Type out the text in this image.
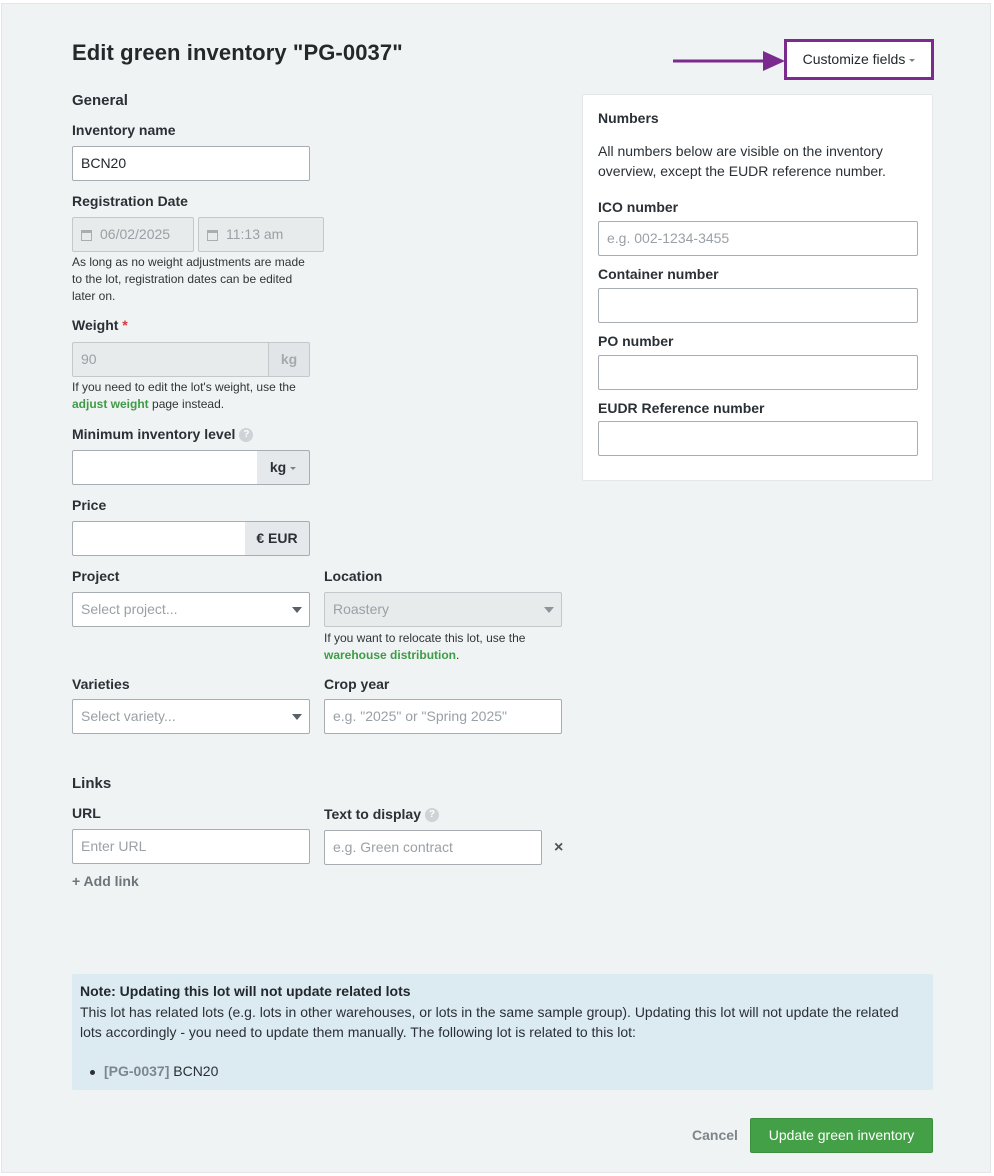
Edit green inventory "PG-0037"	Customize fields
General
Inventory name
BCN20
Registration Date
06/02/2025	11:13 am
As long as no weight adjustments are made to the lot, registration dates can be edited later on.
Weight *
90	kg
If you need to edit the lot's weight, use the adjust weight page instead.
Minimum inventory level ?
kg
Price
€ EUR
Project
Select project...
Location
Roastery
If you want to relocate this lot, use the warehouse distribution.
Varieties
Select variety...
Crop year
e.g. "2025" or "Spring 2025"
Links
URL
Enter URL
Text to display ?
e.g. Green contract	×
+ Add link
Numbers
All numbers below are visible on the inventory overview, except the EUDR reference number.
ICO number
e.g. 002-1234-3455
Container number
PO number
EUDR Reference number
Note: Updating this lot will not update related lots
This lot has related lots (e.g. lots in other warehouses, or lots in the same sample group). Updating this lot will not update the related lots accordingly - you need to update them manually. The following lot is related to this lot:
[PG-0037] BCN20
Cancel	Update green inventory
